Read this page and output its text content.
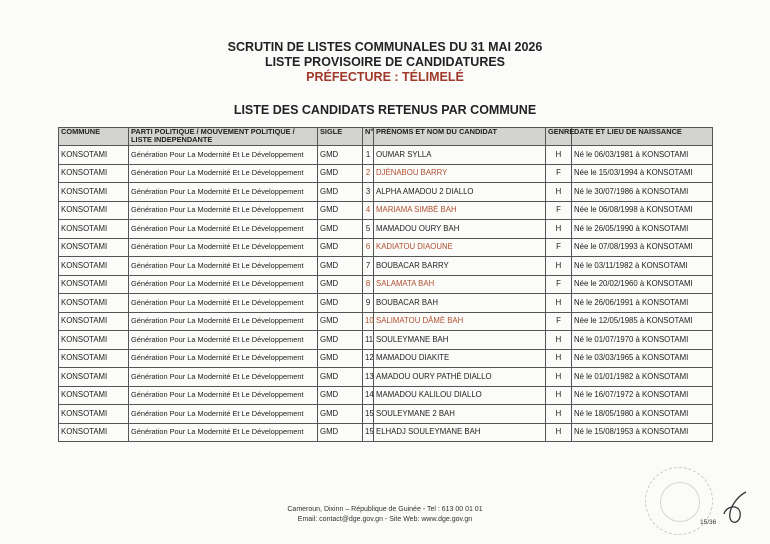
SCRUTIN DE LISTES COMMUNALES DU 31 MAI 2026
LISTE PROVISOIRE DE CANDIDATURES
PRÉFECTURE : TÉLIMELÉ
LISTE DES CANDIDATS RETENUS PAR COMMUNE
COMMUNE	PARTI POLITIQUE / MOUVEMENT POLITIQUE / LISTE INDEPENDANTE	SIGLE	N°	PRÉNOMS ET NOM DU CANDIDAT	GENRE	DATE ET LIEU DE NAISSANCE
KONSOTAMI	Génération Pour La Modernité Et Le Développement	GMD	1	OUMAR SYLLA	H	Né le 06/03/1981 à KONSOTAMI
KONSOTAMI	Génération Pour La Modernité Et Le Développement	GMD	2	DJÉNABOU BARRY	F	Née le 15/03/1994 à KONSOTAMI
KONSOTAMI	Génération Pour La Modernité Et Le Développement	GMD	3	ALPHA AMADOU 2 DIALLO	H	Né le 30/07/1986 à KONSOTAMI
KONSOTAMI	Génération Pour La Modernité Et Le Développement	GMD	4	MARIAMA SIMBÉ BAH	F	Née le 06/08/1998 à KONSOTAMI
KONSOTAMI	Génération Pour La Modernité Et Le Développement	GMD	5	MAMADOU OURY BAH	H	Né le 26/05/1990 à KONSOTAMI
KONSOTAMI	Génération Pour La Modernité Et Le Développement	GMD	6	KADIATOU DIAOUNE	F	Née le 07/08/1993 à KONSOTAMI
KONSOTAMI	Génération Pour La Modernité Et Le Développement	GMD	7	BOUBACAR BARRY	H	Né le 03/11/1982 à KONSOTAMI
KONSOTAMI	Génération Pour La Modernité Et Le Développement	GMD	8	SALAMATA BAH	F	Née le 20/02/1960 à KONSOTAMI
KONSOTAMI	Génération Pour La Modernité Et Le Développement	GMD	9	BOUBACAR BAH	H	Né le 26/06/1991 à KONSOTAMI
KONSOTAMI	Génération Pour La Modernité Et Le Développement	GMD	10	SALIMATOU DÂMÈ BAH	F	Née le 12/05/1985 à KONSOTAMI
KONSOTAMI	Génération Pour La Modernité Et Le Développement	GMD	11	SOULEYMANE BAH	H	Né le 01/07/1970 à KONSOTAMI
KONSOTAMI	Génération Pour La Modernité Et Le Développement	GMD	12	MAMADOU DIAKITE	H	Né le 03/03/1965 à KONSOTAMI
KONSOTAMI	Génération Pour La Modernité Et Le Développement	GMD	13	AMADOU OURY PATHÉ DIALLO	H	Né le 01/01/1982 à KONSOTAMI
KONSOTAMI	Génération Pour La Modernité Et Le Développement	GMD	14	MAMADOU KALILOU DIALLO	H	Né le 16/07/1972 à KONSOTAMI
KONSOTAMI	Génération Pour La Modernité Et Le Développement	GMD	15	SOULEYMANE 2 BAH	H	Né le 18/05/1980 à KONSOTAMI
KONSOTAMI	Génération Pour La Modernité Et Le Développement	GMD	15	ELHADJ SOULEYMANE BAH	H	Né le 15/08/1953 à KONSOTAMI
Cameroun, Dixinn – République de Guinée - Tel : 613 00 01 01
Email: contact@dge.gov.gn - Site Web: www.dge.gov.gn	15/36
